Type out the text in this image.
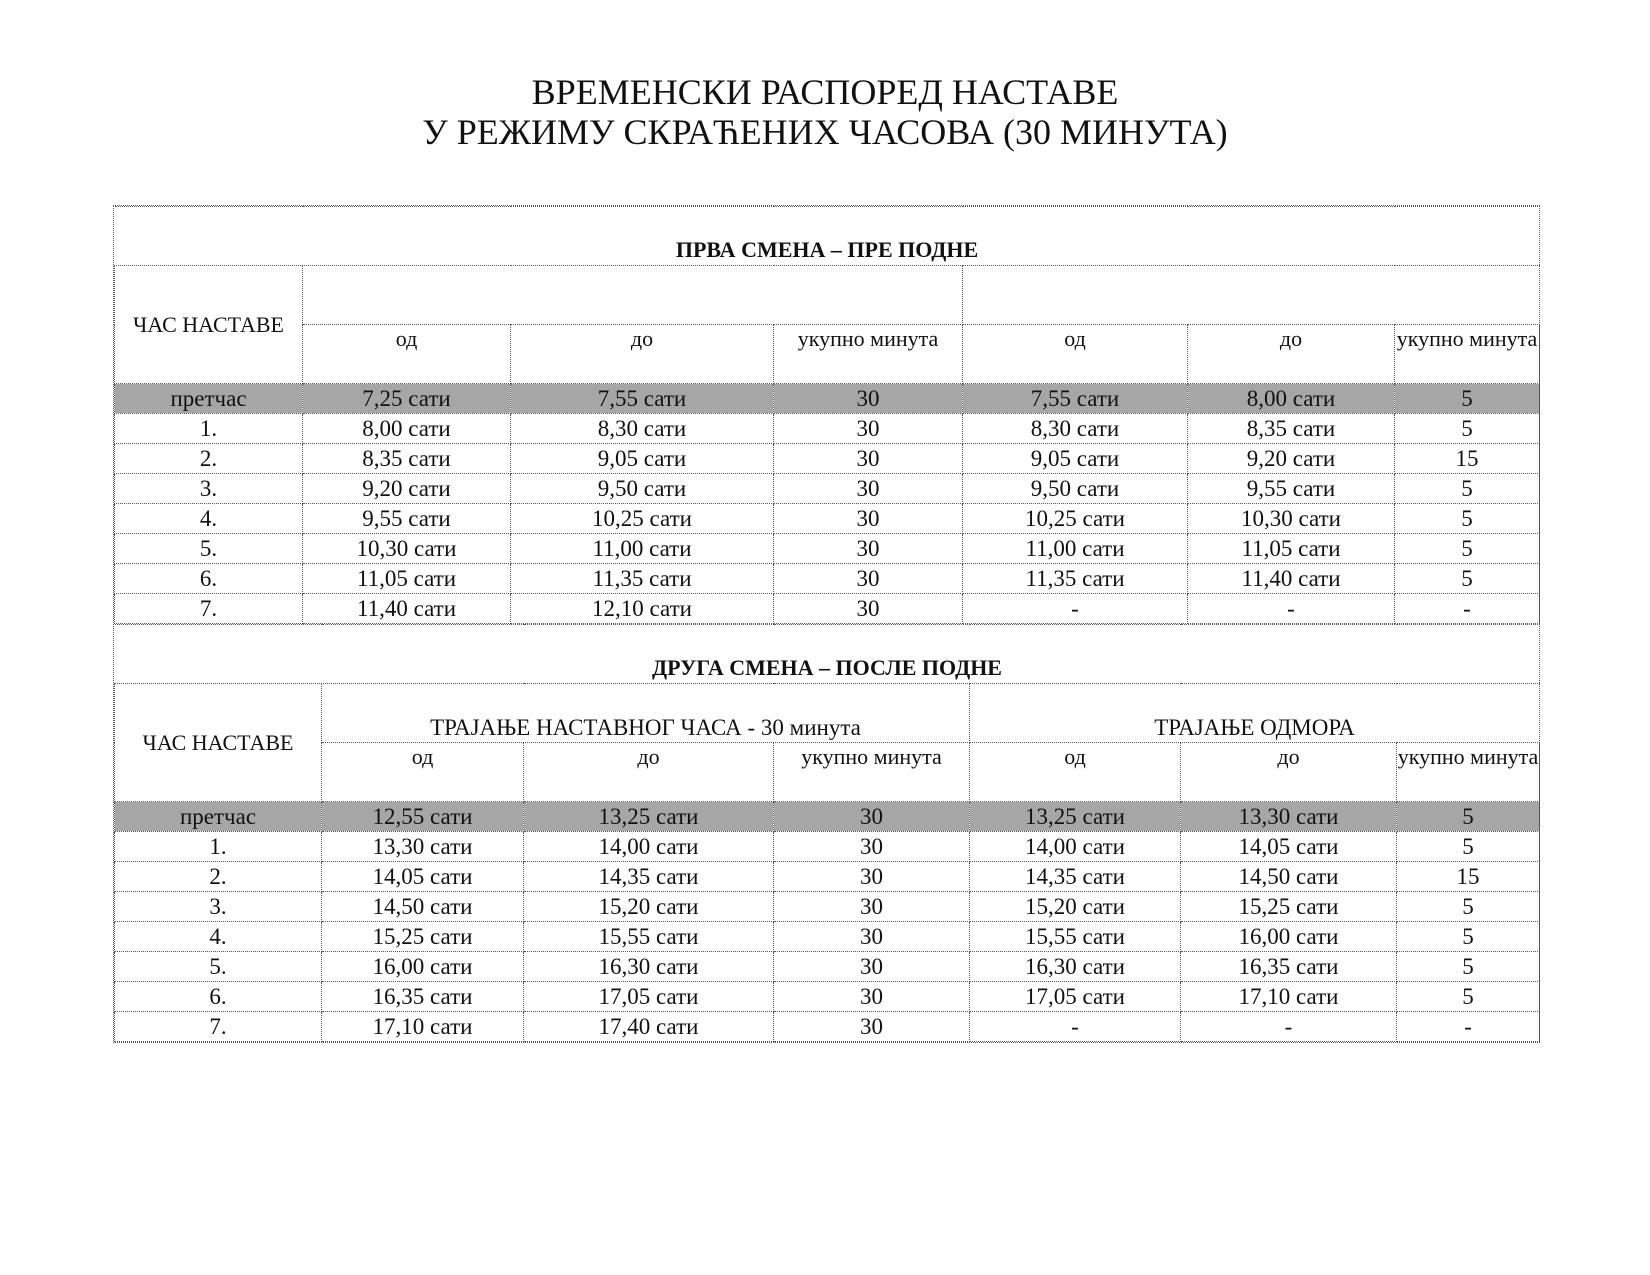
ВРЕМЕНСКИ РАСПОРЕД НАСТАВЕ
У РЕЖИМУ СКРАЋЕНИХ ЧАСОВА (30 МИНУТА)
ПРВА СМЕНА – ПРЕ ПОДНЕ						

ЧАС НАСТАВЕ						
	од	до	укупно минута	од	до	укупно минута
претчас	7,25 сати	7,55 сати	30	7,55 сати	8,00 сати	5
1.	8,00 сати	8,30 сати	30	8,30 сати	8,35 сати	5
2.	8,35 сати	9,05 сати	30	9,05 сати	9,20 сати	15
3.	9,20 сати	9,50 сати	30	9,50 сати	9,55 сати	5
4.	9,55 сати	10,25 сати	30	10,25 сати	10,30 сати	5
5.	10,30 сати	11,00 сати	30	11,00 сати	11,05 сати	5
6.	11,05 сати	11,35 сати	30	11,35 сати	11,40 сати	5
7.	11,40 сати	12,10 сати	30	-	-	-
ДРУГА СМЕНА – ПОСЛЕ ПОДНЕ						

ЧАС НАСТАВЕ	ТРАЈАЊЕ НАСТАВНОГ ЧАСА - 30 минута			ТРАЈАЊЕ ОДМОРА		
	од	до	укупно минута	од	до	укупно минута
претчас	12,55 сати	13,25 сати	30	13,25 сати	13,30 сати	5
1.	13,30 сати	14,00 сати	30	14,00 сати	14,05 сати	5
2.	14,05 сати	14,35 сати	30	14,35 сати	14,50 сати	15
3.	14,50 сати	15,20 сати	30	15,20 сати	15,25 сати	5
4.	15,25 сати	15,55 сати	30	15,55 сати	16,00 сати	5
5.	16,00 сати	16,30 сати	30	16,30 сати	16,35 сати	5
6.	16,35 сати	17,05 сати	30	17,05 сати	17,10 сати	5
7.	17,10 сати	17,40 сати	30	-	-	-
